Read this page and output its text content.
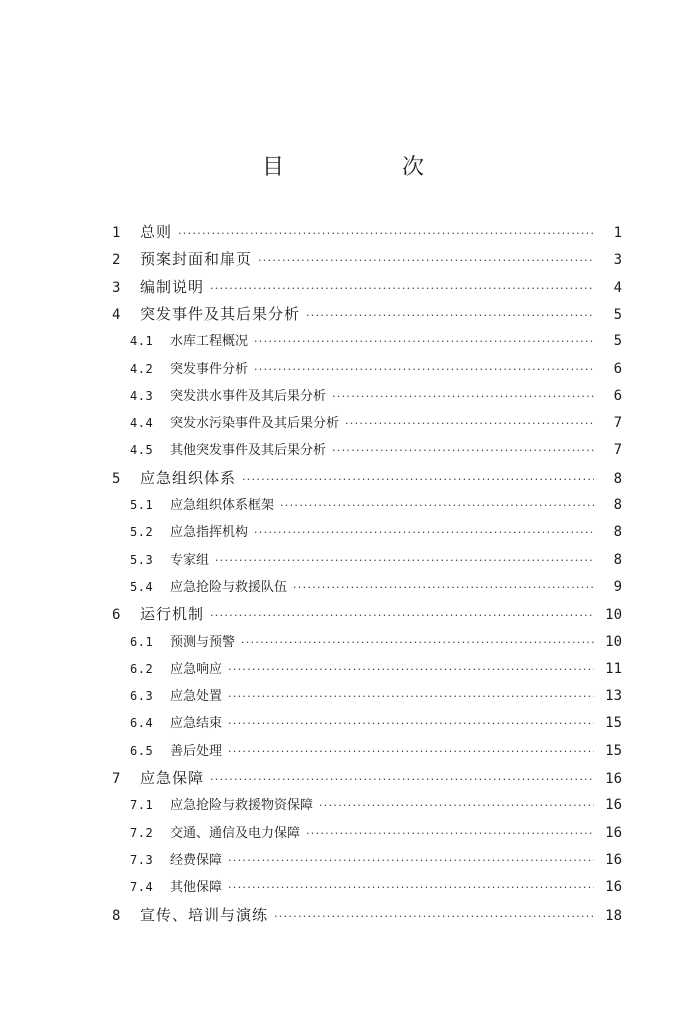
目　次
1	总则 ·····	1
2	预案封面和扉页 ·····	3
3	编制说明 ·····	4
4	突发事件及其后果分析 ·····	5
4.1	水库工程概况 ·····	5
4.2	突发事件分析 ·····	6
4.3	突发洪水事件及其后果分析 ·····	6
4.4	突发水污染事件及其后果分析 ·····	7
4.5	其他突发事件及其后果分析 ·····	7
5	应急组织体系 ·····	8
5.1	应急组织体系框架 ·····	8
5.2	应急指挥机构 ·····	8
5.3	专家组 ·····	8
5.4	应急抢险与救援队伍 ·····	9
6	运行机制 ·····	10
6.1	预测与预警 ·····	10
6.2	应急响应 ·····	11
6.3	应急处置 ·····	13
6.4	应急结束 ·····	15
6.5	善后处理 ·····	15
7	应急保障 ·····	16
7.1	应急抢险与救援物资保障 ·····	16
7.2	交通、通信及电力保障 ·····	16
7.3	经费保障 ·····	16
7.4	其他保障 ·····	16
8	宣传、培训与演练 ·····	18
